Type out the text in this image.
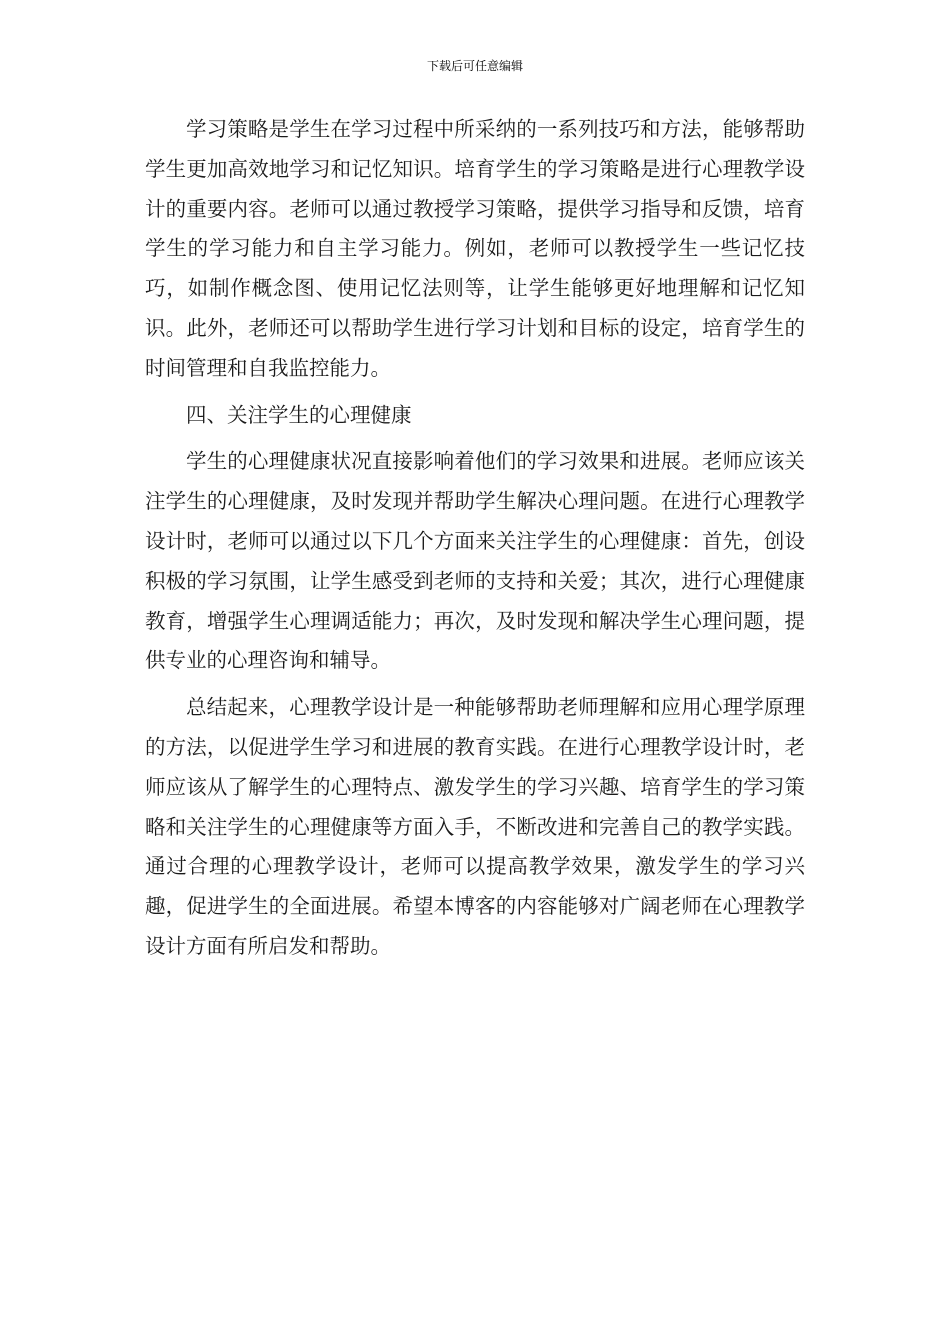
下载后可任意编辑

学习策略是学生在学习过程中所采纳的一系列技巧和方法，能够帮助学生更加高效地学习和记忆知识。培育学生的学习策略是进行心理教学设计的重要内容。老师可以通过教授学习策略，提供学习指导和反馈，培育学生的学习能力和自主学习能力。例如，老师可以教授学生一些记忆技巧，如制作概念图、使用记忆法则等，让学生能够更好地理解和记忆知识。此外，老师还可以帮助学生进行学习计划和目标的设定，培育学生的时间管理和自我监控能力。

四、关注学生的心理健康

学生的心理健康状况直接影响着他们的学习效果和进展。老师应该关注学生的心理健康，及时发现并帮助学生解决心理问题。在进行心理教学设计时，老师可以通过以下几个方面来关注学生的心理健康：首先，创设积极的学习氛围，让学生感受到老师的支持和关爱；其次，进行心理健康教育，增强学生心理调适能力；再次，及时发现和解决学生心理问题，提供专业的心理咨询和辅导。

总结起来，心理教学设计是一种能够帮助老师理解和应用心理学原理的方法，以促进学生学习和进展的教育实践。在进行心理教学设计时，老师应该从了解学生的心理特点、激发学生的学习兴趣、培育学生的学习策略和关注学生的心理健康等方面入手，不断改进和完善自己的教学实践。通过合理的心理教学设计，老师可以提高教学效果，激发学生的学习兴趣，促进学生的全面进展。希望本博客的内容能够对广阔老师在心理教学设计方面有所启发和帮助。
